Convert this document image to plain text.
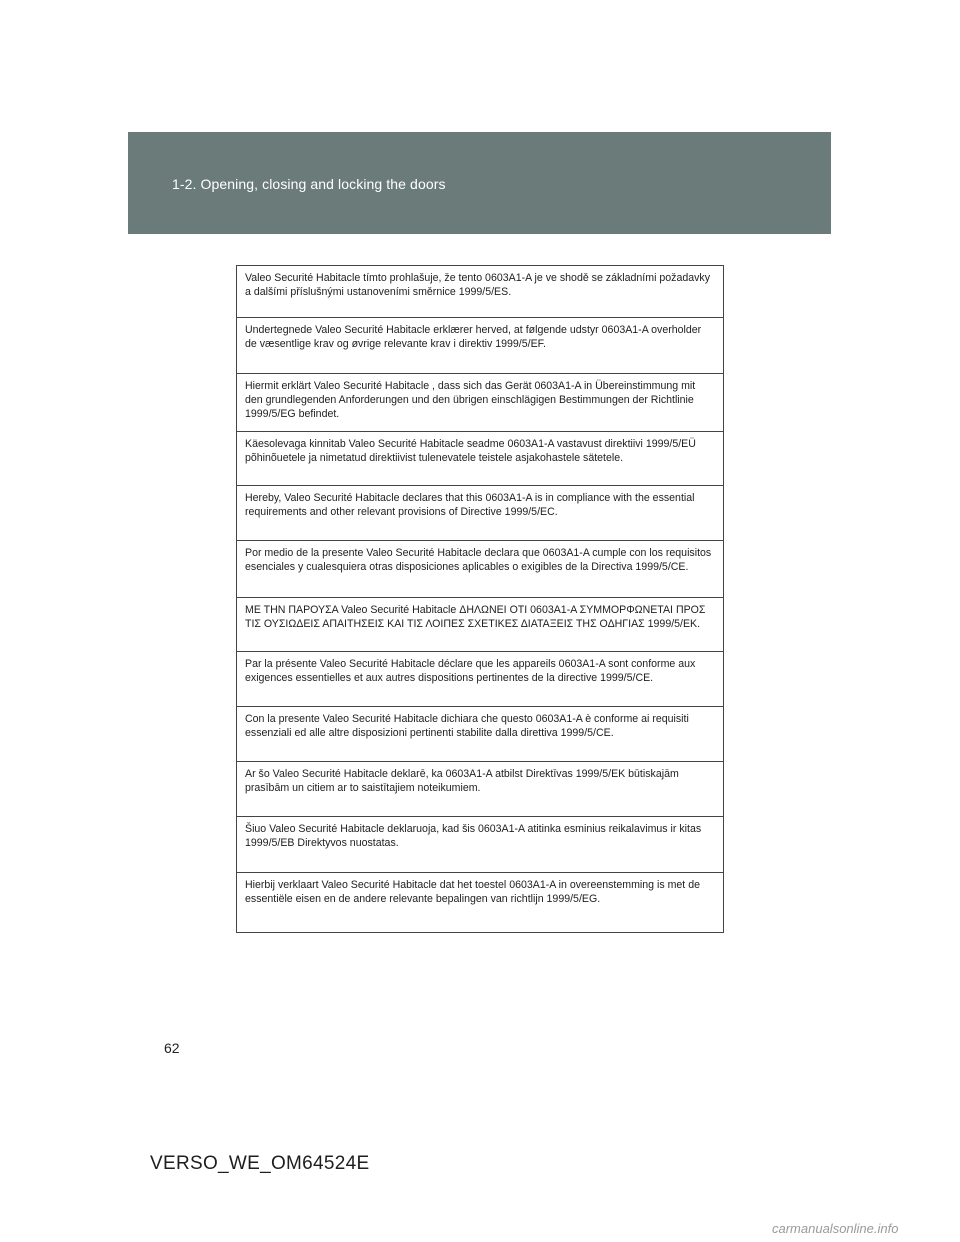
1-2. Opening, closing and locking the doors
Valeo Securité Habitacle tímto prohlašuje, že tento 0603A1-A je ve shodě se základními požadavky a dalšími příslušnými ustanoveními směrnice 1999/5/ES.
Undertegnede Valeo Securité Habitacle erklærer herved, at følgende udstyr 0603A1-A overholder de væsentlige krav og øvrige relevante krav i direktiv 1999/5/EF.
Hiermit erklärt Valeo Securité Habitacle , dass sich das Gerät 0603A1-A in Übereinstimmung mit den grundlegenden Anforderungen und den übrigen einschlägigen Bestimmungen der Richtlinie 1999/5/EG befindet.
Käesolevaga kinnitab Valeo Securité Habitacle seadme 0603A1-A vastavust direktiivi 1999/5/EÜ põhinõuetele ja nimetatud direktiivist tulenevatele teistele asjakohastele sätetele.
Hereby, Valeo Securité Habitacle declares that this 0603A1-A is in compliance with the essential requirements and other relevant provisions of Directive 1999/5/EC.
Por medio de la presente Valeo Securité Habitacle declara que 0603A1-A cumple con los requisitos esenciales y cualesquiera otras disposiciones aplicables o exigibles de la Directiva 1999/5/CE.
ΜΕ ΤΗΝ ΠΑΡΟΥΣΑ Valeo Securité Habitacle ΔΗΛΩΝΕΙ ΟΤΙ 0603A1-A ΣΥΜΜΟΡΦΩΝΕΤΑΙ ΠΡΟΣ ΤΙΣ ΟΥΣΙΩΔΕΙΣ ΑΠΑΙΤΗΣΕΙΣ ΚΑΙ ΤΙΣ ΛΟΙΠΕΣ ΣΧΕΤΙΚΕΣ ΔΙΑΤΑΞΕΙΣ ΤΗΣ ΟΔΗΓΙΑΣ 1999/5/ΕΚ.
Par la présente Valeo Securité Habitacle déclare que les appareils 0603A1-A sont conforme aux exigences essentielles et aux autres dispositions pertinentes de la directive 1999/5/CE.
Con la presente Valeo Securité Habitacle dichiara che questo 0603A1-A è conforme ai requisiti essenziali ed alle altre disposizioni pertinenti stabilite dalla direttiva 1999/5/CE.
Ar šo Valeo Securité Habitacle deklarē, ka 0603A1-A atbilst Direktīvas 1999/5/EK būtiskajām prasībām un citiem ar to saistītajiem noteikumiem.
Šiuo Valeo Securité Habitacle deklaruoja, kad šis 0603A1-A atitinka esminius reikalavimus ir kitas 1999/5/EB Direktyvos nuostatas.
Hierbij verklaart Valeo Securité Habitacle dat het toestel 0603A1-A in overeenstemming is met de essentiële eisen en de andere relevante bepalingen van richtlijn 1999/5/EG.
62
VERSO_WE_OM64524E
carmanualsonline.info
